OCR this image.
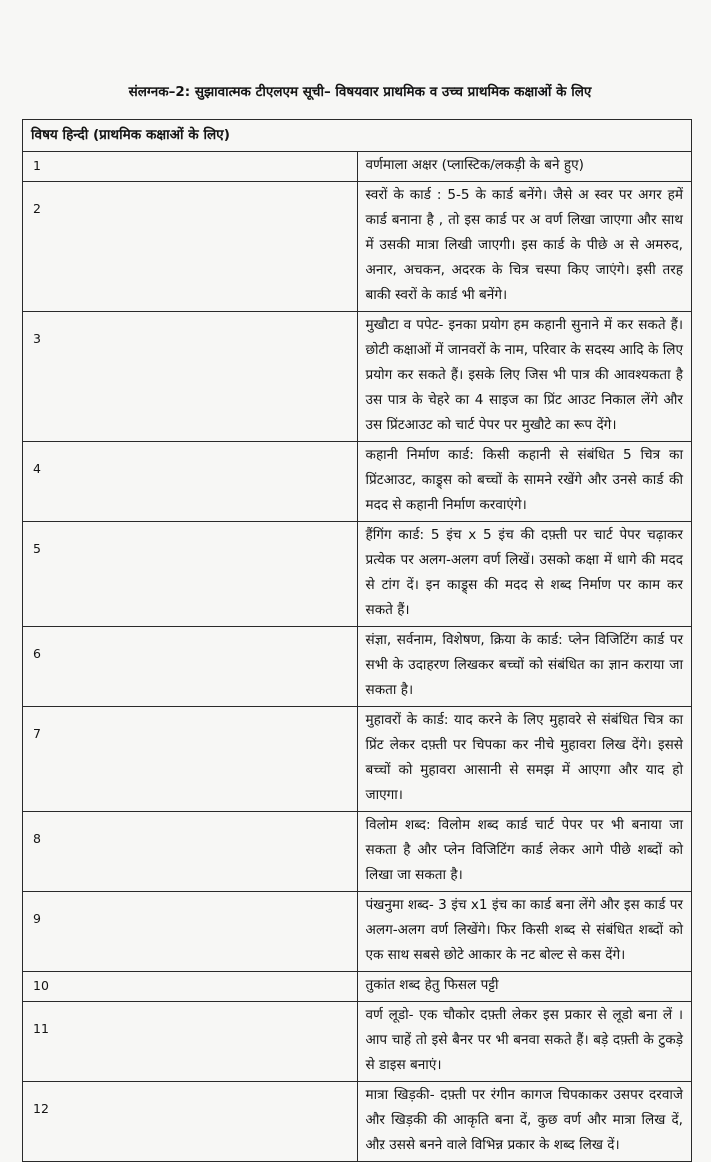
संलग्नक–2: सुझावात्मक टीएलएम सूची– विषयवार प्राथमिक व उच्च प्राथमिक कक्षाओं के लिए
विषय हिन्दी (प्राथमिक कक्षाओं के लिए)	
1	वर्णमाला अक्षर (प्लास्टिक/लकड़ी के बने हुए)
2	स्वरों के कार्ड : 5-5 के कार्ड बनेंगे। जैसे अ स्वर पर अगर हमें कार्ड बनाना है , तो इस कार्ड पर अ वर्ण लिखा जाएगा और साथ में उसकी मात्रा लिखी जाएगी। इस कार्ड के पीछे अ से अमरुद, अनार, अचकन, अदरक के चित्र चस्पा किए जाएंगे। इसी तरह बाकी स्वरों के कार्ड भी बनेंगे।
3	मुखौटा व पपेट- इनका प्रयोग हम कहानी सुनाने में कर सकते हैं। छोटी कक्षाओं में जानवरों के नाम, परिवार के सदस्य आदि के लिए प्रयोग कर सकते हैं। इसके लिए जिस भी पात्र की आवश्यकता है उस पात्र के चेहरे का 4 साइज का प्रिंट आउट निकाल लेंगे और उस प्रिंटआउट को चार्ट पेपर पर मुखौटे का रूप देंगे।
4	कहानी निर्माण कार्ड: किसी कहानी से संबंधित 5 चित्र का प्रिंटआउट, काड्र्स को बच्चों के सामने रखेंगे और उनसे कार्ड की मदद से कहानी निर्माण करवाएंगे।
5	हैंगिंग कार्ड: 5 इंच x 5 इंच की दफ़्ती पर चार्ट पेपर चढ़ाकर प्रत्येक पर अलग-अलग वर्ण लिखें। उसको कक्षा में धागे की मदद से टांग दें। इन काड्र्स की मदद से शब्द निर्माण पर काम कर सकते हैं।
6	संज्ञा, सर्वनाम, विशेषण, क्रिया के कार्ड: प्लेन विजिटिंग कार्ड पर सभी के उदाहरण लिखकर बच्चों को संबंधित का ज्ञान कराया जा सकता है।
7	मुहावरों के कार्ड: याद करने के लिए मुहावरे से संबंधित चित्र का प्रिंट लेकर दफ़्ती पर चिपका कर नीचे मुहावरा लिख देंगे। इससे बच्चों को मुहावरा आसानी से समझ में आएगा और याद हो जाएगा।
8	विलोम शब्द: विलोम शब्द कार्ड चार्ट पेपर पर भी बनाया जा सकता है और प्लेन विजिटिंग कार्ड लेकर आगे पीछे शब्दों को लिखा जा सकता है।
9	पंखनुमा शब्द- 3 इंच x1 इंच का कार्ड बना लेंगे और इस कार्ड पर अलग-अलग वर्ण लिखेंगे। फिर किसी शब्द से संबंधित शब्दों को एक साथ सबसे छोटे आकार के नट बोल्ट से कस देंगे।
10	तुकांत शब्द हेतु फिसल पट्टी
11	वर्ण लूडो- एक चौकोर दफ़्ती लेकर इस प्रकार से लूडो बना लें । आप चाहें तो इसे बैनर पर भी बनवा सकते हैं। बड़े दफ़्ती के टुकड़े से डाइस बनाएं।
12	मात्रा खिड़की- दफ़्ती पर रंगीन कागज चिपकाकर उसपर दरवाजे और खिड़की की आकृति बना दें, कुछ वर्ण और मात्रा लिख दें, औऱ उससे बनने वाले विभिन्न प्रकार के शब्द लिख दें।
